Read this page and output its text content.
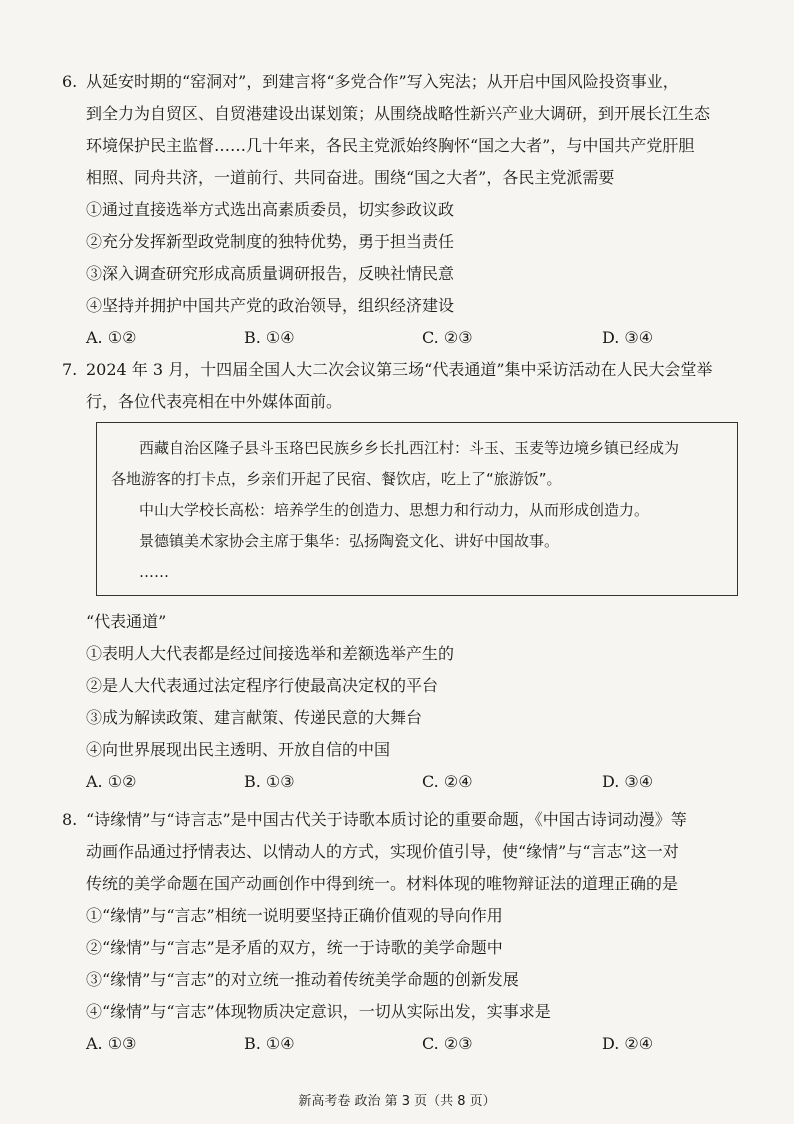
6. 从延安时期的“窑洞对”，到建言将“多党合作”写入宪法；从开启中国风险投资事业，
到全力为自贸区、自贸港建设出谋划策；从围绕战略性新兴产业大调研，到开展长江生态
环境保护民主监督……几十年来，各民主党派始终胸怀“国之大者”，与中国共产党肝胆
相照、同舟共济，一道前行、共同奋进。围绕“国之大者”，各民主党派需要
①通过直接选举方式选出高素质委员，切实参政议政
②充分发挥新型政党制度的独特优势，勇于担当责任
③深入调查研究形成高质量调研报告，反映社情民意
④坚持并拥护中国共产党的政治领导，组织经济建设
A. ①②	B. ①④	C. ②③	D. ③④
7. 2024 年 3 月，十四届全国人大二次会议第三场“代表通道”集中采访活动在人民大会堂举
行，各位代表亮相在中外媒体面前。
西藏自治区隆子县斗玉珞巴民族乡乡长扎西江村：斗玉、玉麦等边境乡镇已经成为
各地游客的打卡点，乡亲们开起了民宿、餐饮店，吃上了“旅游饭”。
中山大学校长高松：培养学生的创造力、思想力和行动力，从而形成创造力。
景德镇美术家协会主席于集华：弘扬陶瓷文化、讲好中国故事。
……
“代表通道”
①表明人大代表都是经过间接选举和差额选举产生的
②是人大代表通过法定程序行使最高决定权的平台
③成为解读政策、建言献策、传递民意的大舞台
④向世界展现出民主透明、开放自信的中国
A. ①②	B. ①③	C. ②④	D. ③④
8. “诗缘情”与“诗言志”是中国古代关于诗歌本质讨论的重要命题，《中国古诗词动漫》等
动画作品通过抒情表达、以情动人的方式，实现价值引导，使“缘情”与“言志”这一对
传统的美学命题在国产动画创作中得到统一。材料体现的唯物辩证法的道理正确的是
①“缘情”与“言志”相统一说明要坚持正确价值观的导向作用
②“缘情”与“言志”是矛盾的双方，统一于诗歌的美学命题中
③“缘情”与“言志”的对立统一推动着传统美学命题的创新发展
④“缘情”与“言志”体现物质决定意识，一切从实际出发，实事求是
A. ①③	B. ①④	C. ②③	D. ②④
新高考卷 政治 第 3 页（共 8 页）
